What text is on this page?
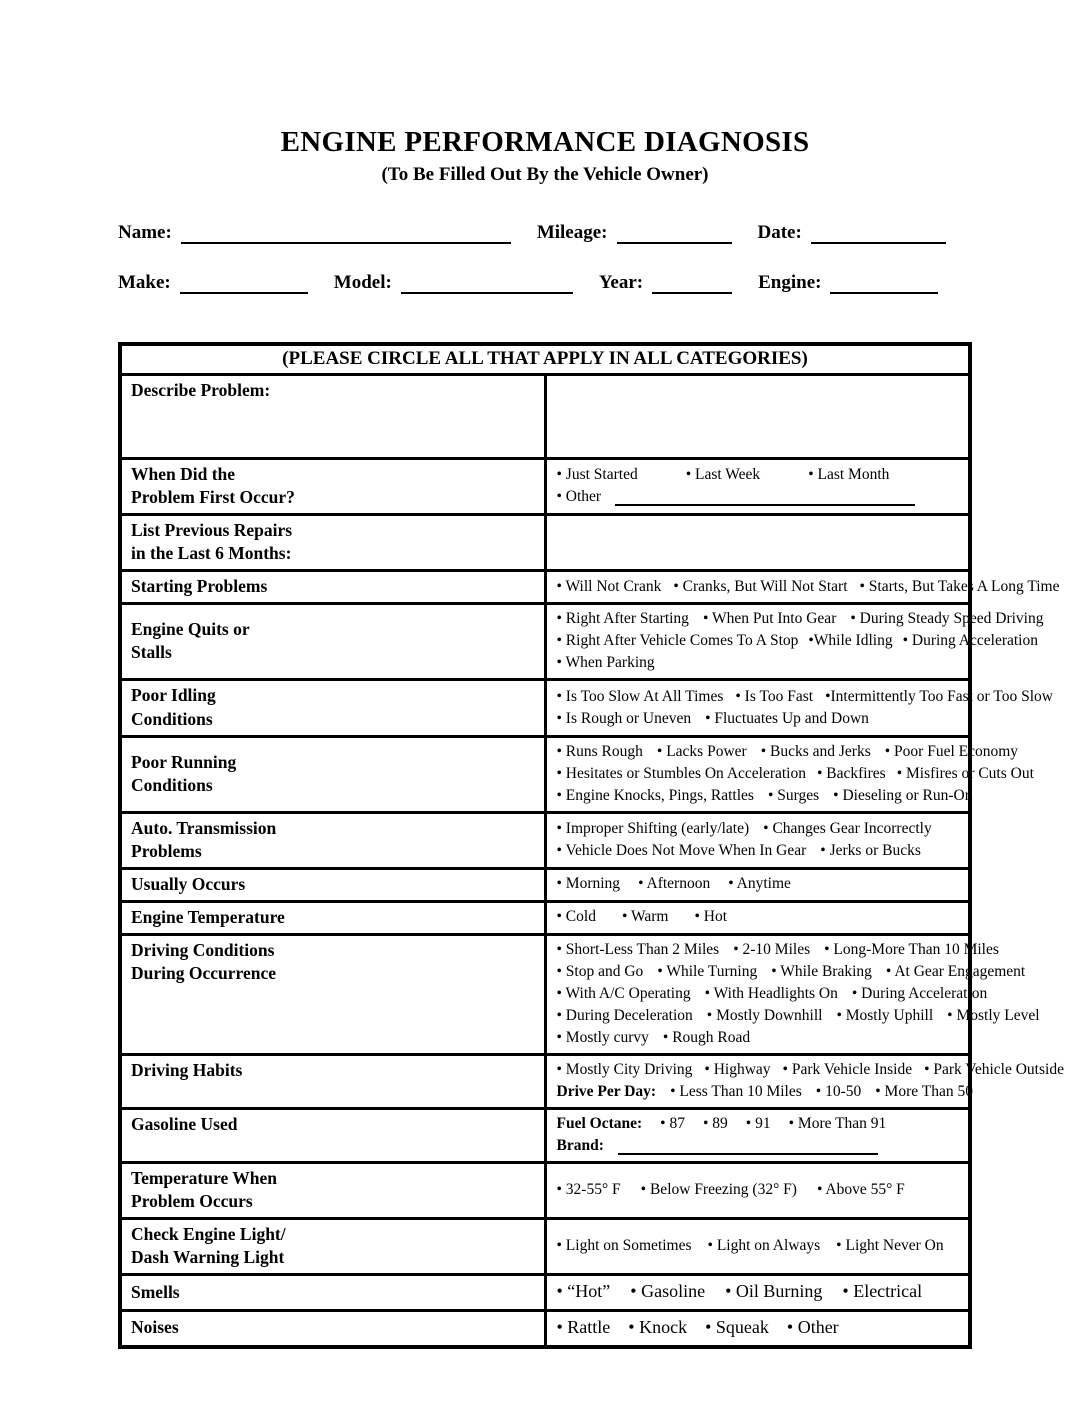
ENGINE PERFORMANCE DIAGNOSIS
(To Be Filled Out By the Vehicle Owner)
Name:	Mileage:	Date:
Make:	Model:	Year:	Engine:
(PLEASE CIRCLE ALL THAT APPLY IN ALL CATEGORIES)	
Describe Problem:	
When Did the
Problem First Occur?	
• Just Started	• Last Week	• Last Month
• Other

List Previous Repairs
in the Last 6 Months:	
Starting Problems	• Will Not Crank • Cranks, But Will Not Start • Starts, But Takes A Long Time

Engine Quits or
Stalls	
• Right After Starting • When Put Into Gear • During Steady Speed Driving
• Right After Vehicle Comes To A Stop •While Idling • During Acceleration
• When Parking

Poor Idling
Conditions	
• Is Too Slow At All Times • Is Too Fast •Intermittently Too Fast or Too Slow
• Is Rough or Uneven • Fluctuates Up and Down

Poor Running
Conditions	
• Runs Rough • Lacks Power • Bucks and Jerks • Poor Fuel Economy
• Hesitates or Stumbles On Acceleration • Backfires • Misfires or Cuts Out
• Engine Knocks, Pings, Rattles • Surges • Dieseling or Run-On

Auto. Transmission
Problems	
• Improper Shifting (early/late) • Changes Gear Incorrectly
• Vehicle Does Not Move When In Gear • Jerks or Bucks

Usually Occurs	• Morning • Afternoon • Anytime

Engine Temperature	• Cold • Warm • Hot

Driving Conditions
During Occurrence	
• Short-Less Than 2 Miles • 2-10 Miles • Long-More Than 10 Miles
• Stop and Go • While Turning • While Braking • At Gear Engagement
• With A/C Operating • With Headlights On • During Acceleration
• During Deceleration • Mostly Downhill • Mostly Uphill • Mostly Level
• Mostly curvy • Rough Road

Driving Habits	• Mostly City Driving • Highway • Park Vehicle Inside • Park Vehicle Outside
Drive Per Day: • Less Than 10 Miles • 10-50 • More Than 50

Gasoline Used	Fuel Octane: • 87 • 89 • 91 • More Than 91
Brand:

Temperature When
Problem Occurs	• 32-55° F • Below Freezing (32° F) • Above 55° F

Check Engine Light/
Dash Warning Light	• Light on Sometimes • Light on Always • Light Never On

Smells	• “Hot” • Gasoline • Oil Burning • Electrical

Noises	• Rattle • Knock • Squeak • Other
